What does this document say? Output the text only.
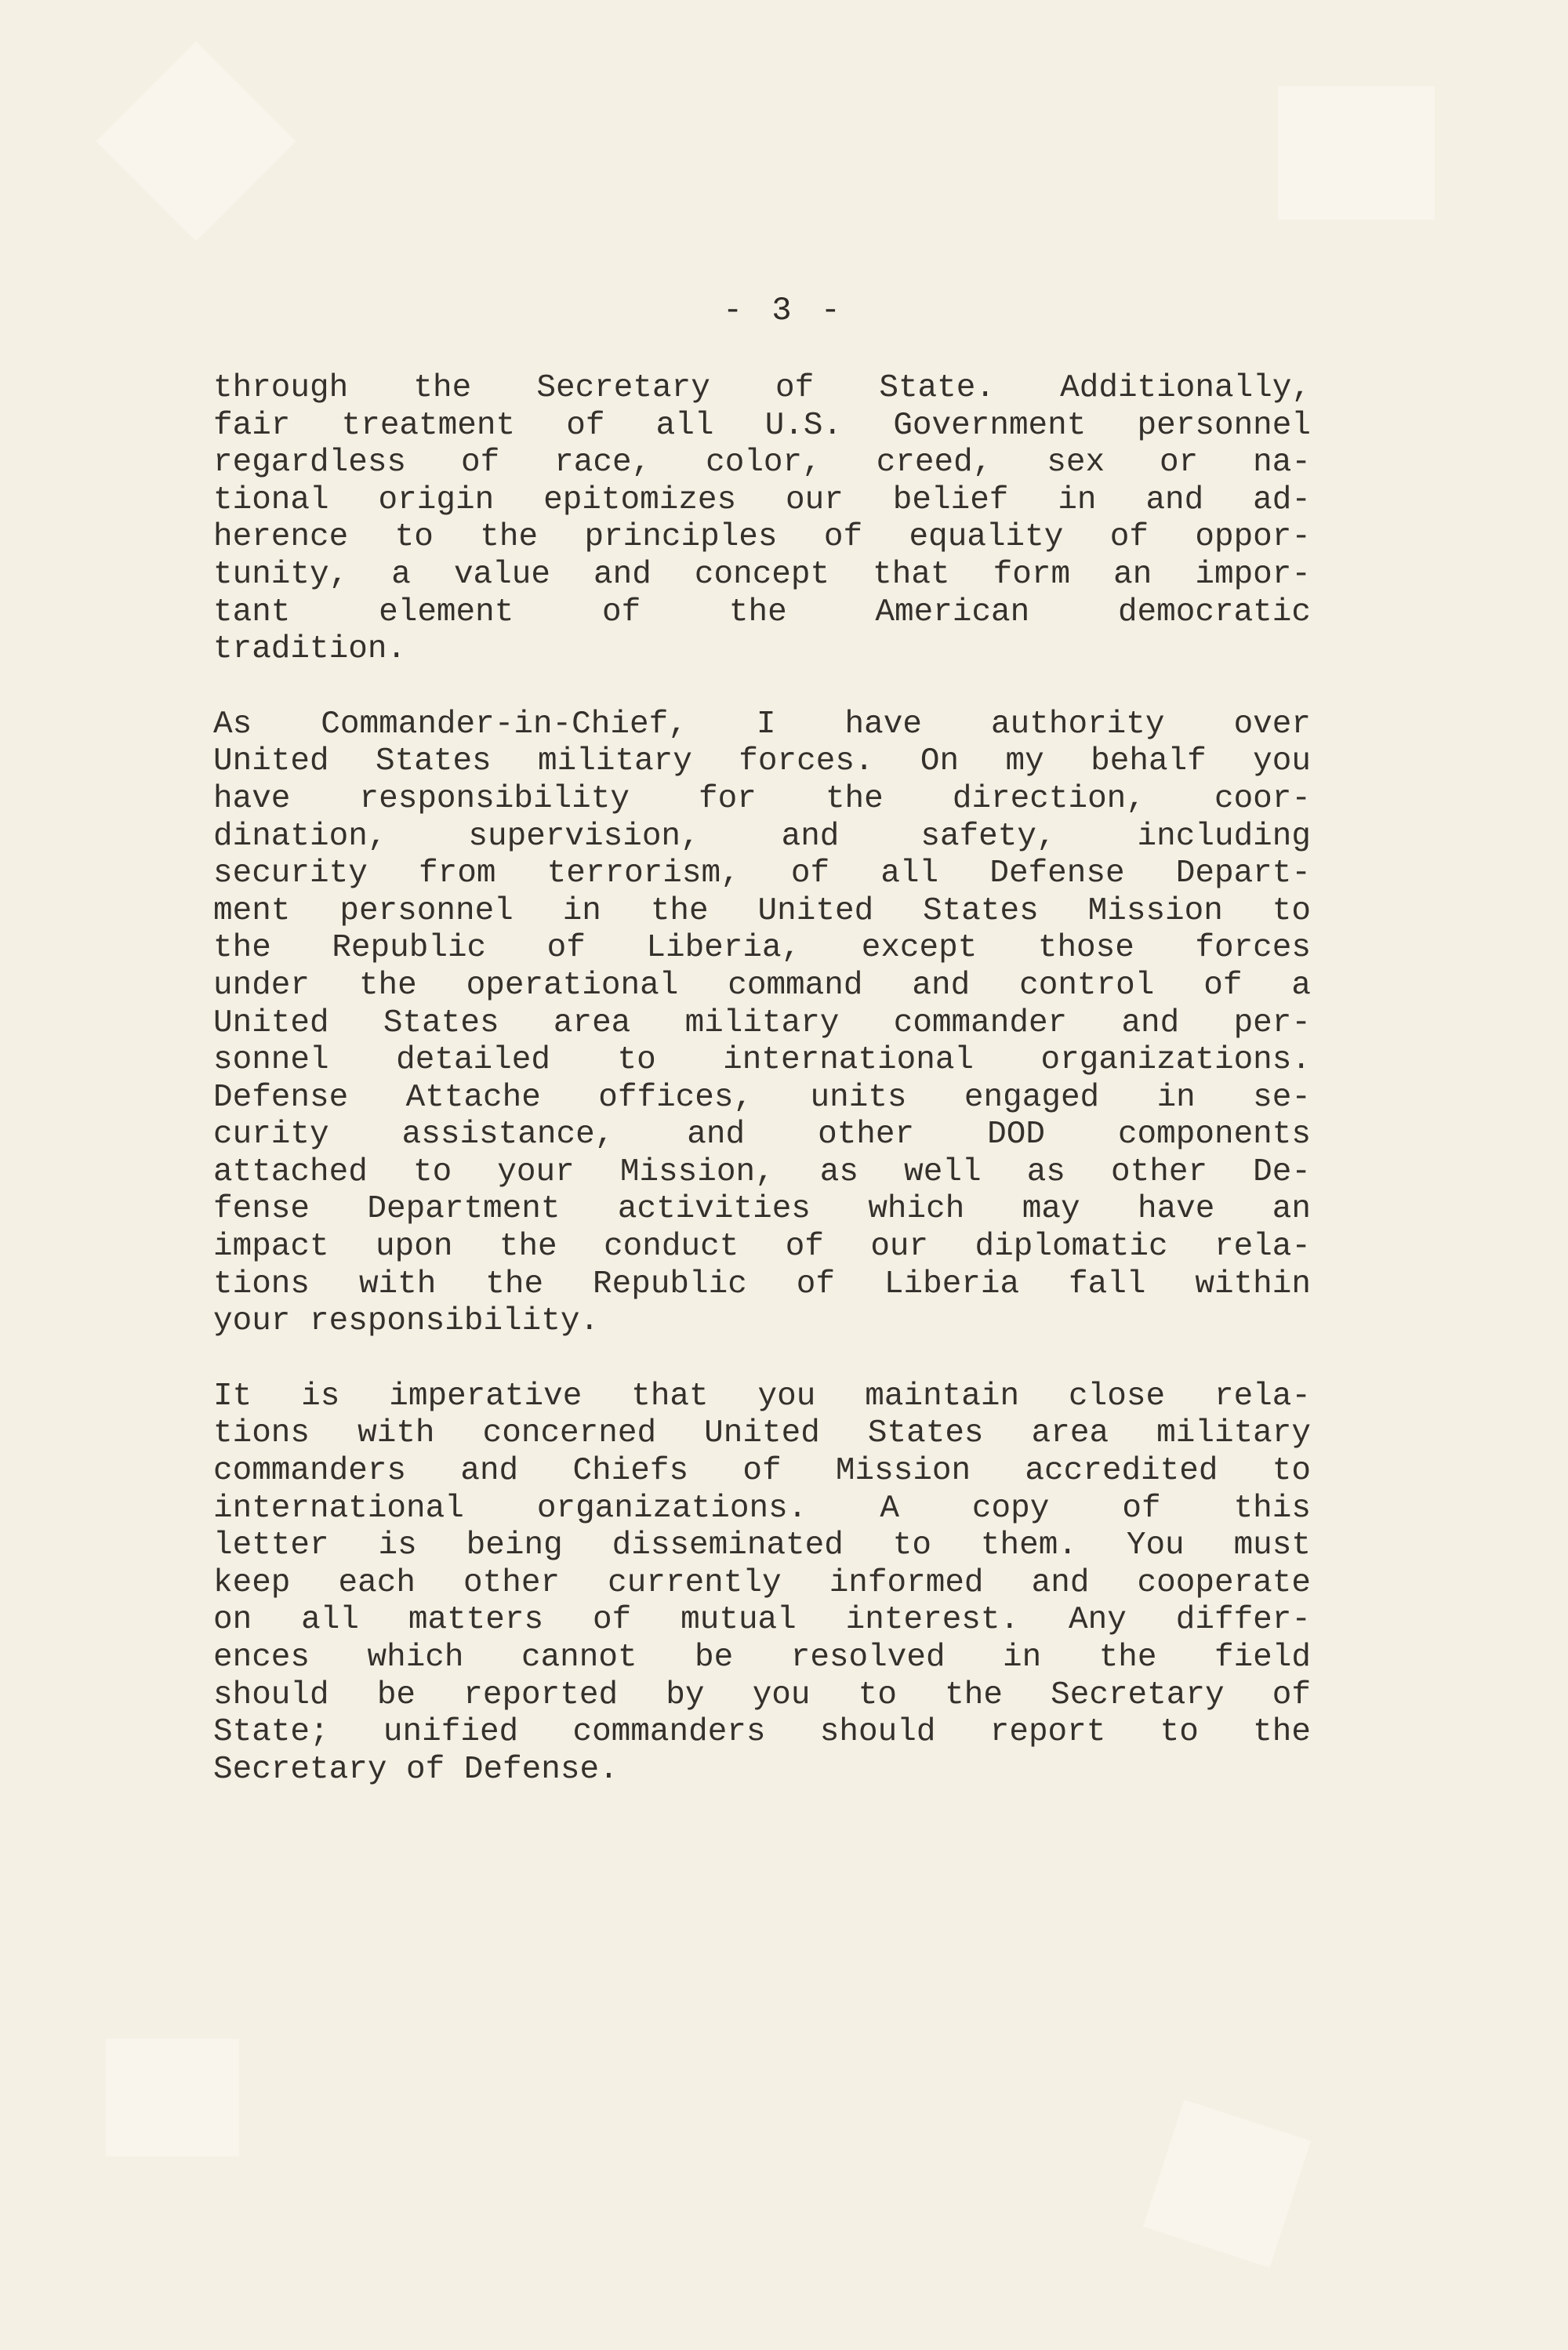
- 3 -
through the Secretary of State. Additionally,
fair treatment of all U.S. Government personnel
regardless of race, color, creed, sex or na-
tional origin epitomizes our belief in and ad-
herence to the principles of equality of oppor-
tunity, a value and concept that form an impor-
tant element of the American democratic
tradition.
As Commander-in-Chief, I have authority over
United States military forces. On my behalf you
have responsibility for the direction, coor-
dination, supervision, and safety, including
security from terrorism, of all Defense Depart-
ment personnel in the United States Mission to
the Republic of Liberia, except those forces
under the operational command and control of a
United States area military commander and per-
sonnel detailed to international organizations.
Defense Attache offices, units engaged in se-
curity assistance, and other DOD components
attached to your Mission, as well as other De-
fense Department activities which may have an
impact upon the conduct of our diplomatic rela-
tions with the Republic of Liberia fall within
your responsibility.
It is imperative that you maintain close rela-
tions with concerned United States area military
commanders and Chiefs of Mission accredited to
international organizations. A copy of this
letter is being disseminated to them. You must
keep each other currently informed and cooperate
on all matters of mutual interest. Any differ-
ences which cannot be resolved in the field
should be reported by you to the Secretary of
State; unified commanders should report to the
Secretary of Defense.
